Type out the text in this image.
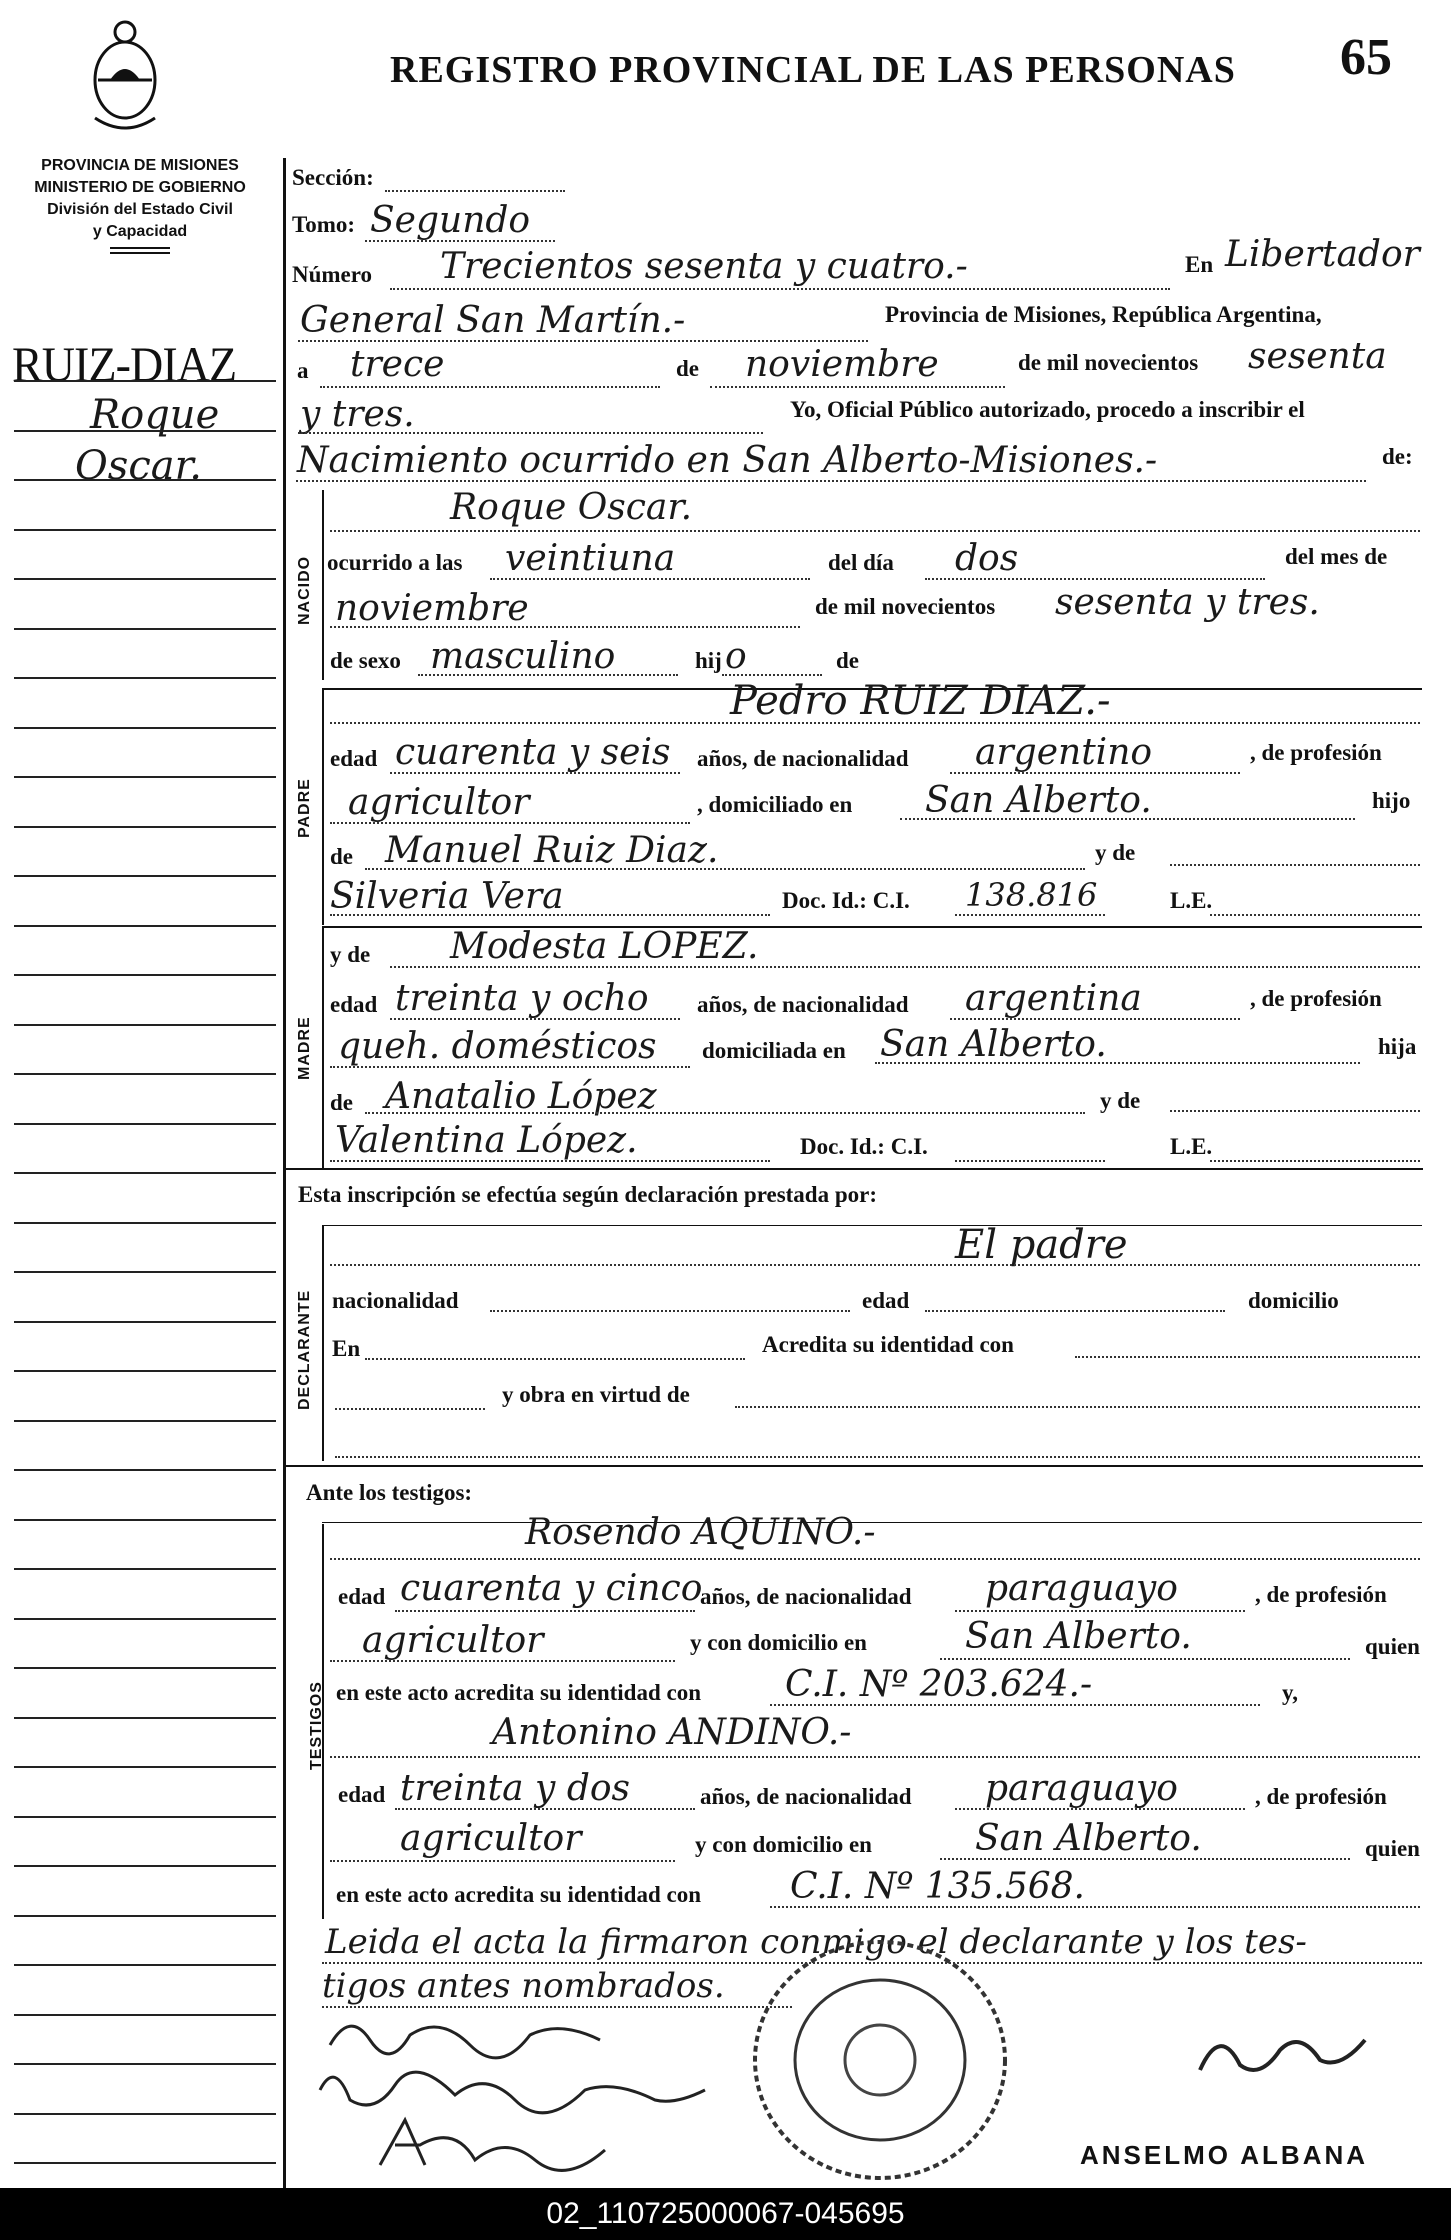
REGISTRO PROVINCIAL DE LAS PERSONAS 65
PROVINCIA DE MISIONES
MINISTERIO DE GOBIERNO
División del Estado Civil
y Capacidad
RUIZ-DIAZ
Roque
Oscar.
Sección:
Tomo: Segundo
Número Trecientos sesenta y cuatro.-	En Libertador
General San Martín.-	Provincia de Misiones, República Argentina,
a trece	de noviembre	de mil novecientos sesenta
y tres.	Yo, Oficial Público autorizado, procedo a inscribir el
Nacimiento ocurrido en San Alberto-Misiones.-	de:
NACIDO
Roque Oscar.
ocurrido a las veintiuna	del día dos	del mes de
noviembre	de mil novecientos sesenta y tres.
de sexo masculino	hij o	de
PADRE
Pedro RUIZ DIAZ.-
edad cuarenta y seis años, de nacionalidad argentino	, de profesión
agricultor	, domiciliado en San Alberto.	hijo
de Manuel Ruiz Diaz.	y de
Silveria Vera	Doc. Id.: C.I. 138.816	L.E.
MADRE
y de Modesta LOPEZ.
edad treinta y ocho años, de nacionalidad argentina	, de profesión
queh. domésticos domiciliada en San Alberto.	hija
de Anatalio López	y de
Valentina López.	Doc. Id.: C.I.	L.E.
Esta inscripción se efectúa según declaración prestada por:
DECLARANTE
El padre
nacionalidad	edad	domicilio
En	Acredita su identidad con
y obra en virtud de
Ante los testigos:
TESTIGOS
Rosendo AQUINO.-
edad cuarenta y cinco
años, de nacionalidad paraguayo	, de profesión
agricultor	y con domicilio en	San Alberto.	quien
en este acto acredita su identidad con C.I. Nº 203.624.-	y,
Antonino ANDINO.-
edad treinta y dos	años, de nacionalidad paraguayo	, de profesión
agricultor	y con domicilio en	San Alberto.	quien
en este acto acredita su identidad con C.I. Nº 135.568.
Leida el acta la firmaron conmigo el declarante y los tes-
tigos antes nombrados.
ANSELMO ALBANA
02_110725000067-045695
